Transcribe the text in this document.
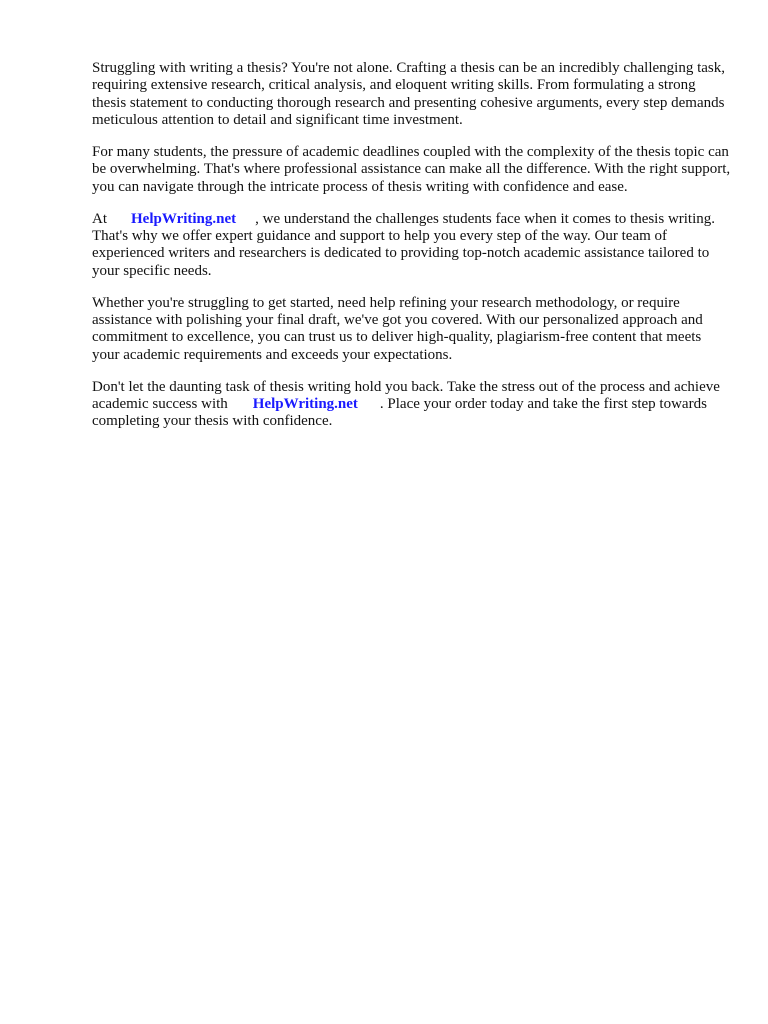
Struggling with writing a thesis? You're not alone. Crafting a thesis can be an incredibly challenging task, requiring extensive research, critical analysis, and eloquent writing skills. From formulating a strong thesis statement to conducting thorough research and presenting cohesive arguments, every step demands meticulous attention to detail and significant time investment.

For many students, the pressure of academic deadlines coupled with the complexity of the thesis topic can be overwhelming. That's where professional assistance can make all the difference. With the right support, you can navigate through the intricate process of thesis writing with confidence and ease.

At HelpWriting.net , we understand the challenges students face when it comes to thesis writing. That's why we offer expert guidance and support to help you every step of the way. Our team of experienced writers and researchers is dedicated to providing top-notch academic assistance tailored to your specific needs.

Whether you're struggling to get started, need help refining your research methodology, or require assistance with polishing your final draft, we've got you covered. With our personalized approach and commitment to excellence, you can trust us to deliver high-quality, plagiarism-free content that meets your academic requirements and exceeds your expectations.

Don't let the daunting task of thesis writing hold you back. Take the stress out of the process and achieve academic success with HelpWriting.net . Place your order today and take the first step towards completing your thesis with confidence.
